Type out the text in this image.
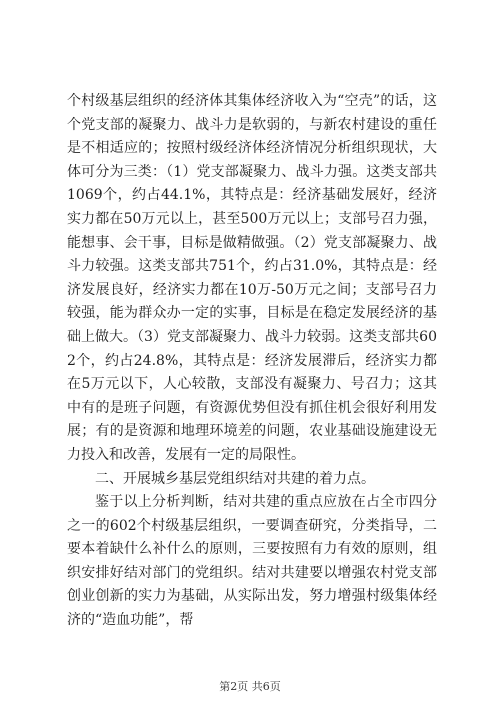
个村级基层组织的经济体其集体经济收入为“空壳”的话，这个党支部的凝聚力、战斗力是软弱的，与新农村建设的重任是不相适应的；按照村级经济体经济情况分析组织现状，大体可分为三类：（1）党支部凝聚力、战斗力强。这类支部共1069个，约占44.1%，其特点是：经济基础发展好，经济实力都在50万元以上，甚至500万元以上；支部号召力强，能想事、会干事，目标是做精做强。（2）党支部凝聚力、战斗力较强。这类支部共751个，约占31.0%，其特点是：经济发展良好，经济实力都在10万-50万元之间；支部号召力较强，能为群众办一定的实事，目标是在稳定发展经济的基础上做大。（3）党支部凝聚力、战斗力较弱。这类支部共602个，约占24.8%，其特点是：经济发展滞后，经济实力都在5万元以下，人心较散，支部没有凝聚力、号召力；这其中有的是班子问题，有资源优势但没有抓住机会很好利用发展；有的是资源和地理环境差的问题，农业基础设施建设无力投入和改善，发展有一定的局限性。

二、开展城乡基层党组织结对共建的着力点。

鉴于以上分析判断，结对共建的重点应放在占全市四分之一的602个村级基层组织，一要调查研究，分类指导，二要本着缺什么补什么的原则，三要按照有力有效的原则，组织安排好结对部门的党组织。结对共建要以增强农村党支部创业创新的实力为基础，从实际出发，努力增强村级集体经济的“造血功能”，帮

第2页 共6页
